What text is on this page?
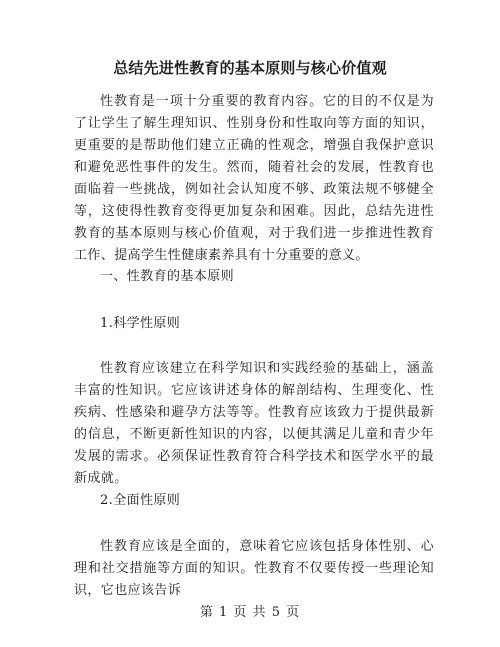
总结先进性教育的基本原则与核心价值观

性教育是一项十分重要的教育内容。它的目的不仅是为了让学生了解生理知识、性别身份和性取向等方面的知识，更重要的是帮助他们建立正确的性观念，增强自我保护意识和避免恶性事件的发生。然而，随着社会的发展，性教育也面临着一些挑战，例如社会认知度不够、政策法规不够健全等，这使得性教育变得更加复杂和困难。因此，总结先进性教育的基本原则与核心价值观，对于我们进一步推进性教育工作、提高学生性健康素养具有十分重要的意义。

一、性教育的基本原则

1.科学性原则

性教育应该建立在科学知识和实践经验的基础上，涵盖丰富的性知识。它应该讲述身体的解剖结构、生理变化、性疾病、性感染和避孕方法等等。性教育应该致力于提供最新的信息，不断更新性知识的内容，以便其满足儿童和青少年发展的需求。必须保证性教育符合科学技术和医学水平的最新成就。

2.全面性原则

性教育应该是全面的，意味着它应该包括身体性别、心理和社交措施等方面的知识。性教育不仅要传授一些理论知识，它也应该告诉

第 1 页 共 5 页
